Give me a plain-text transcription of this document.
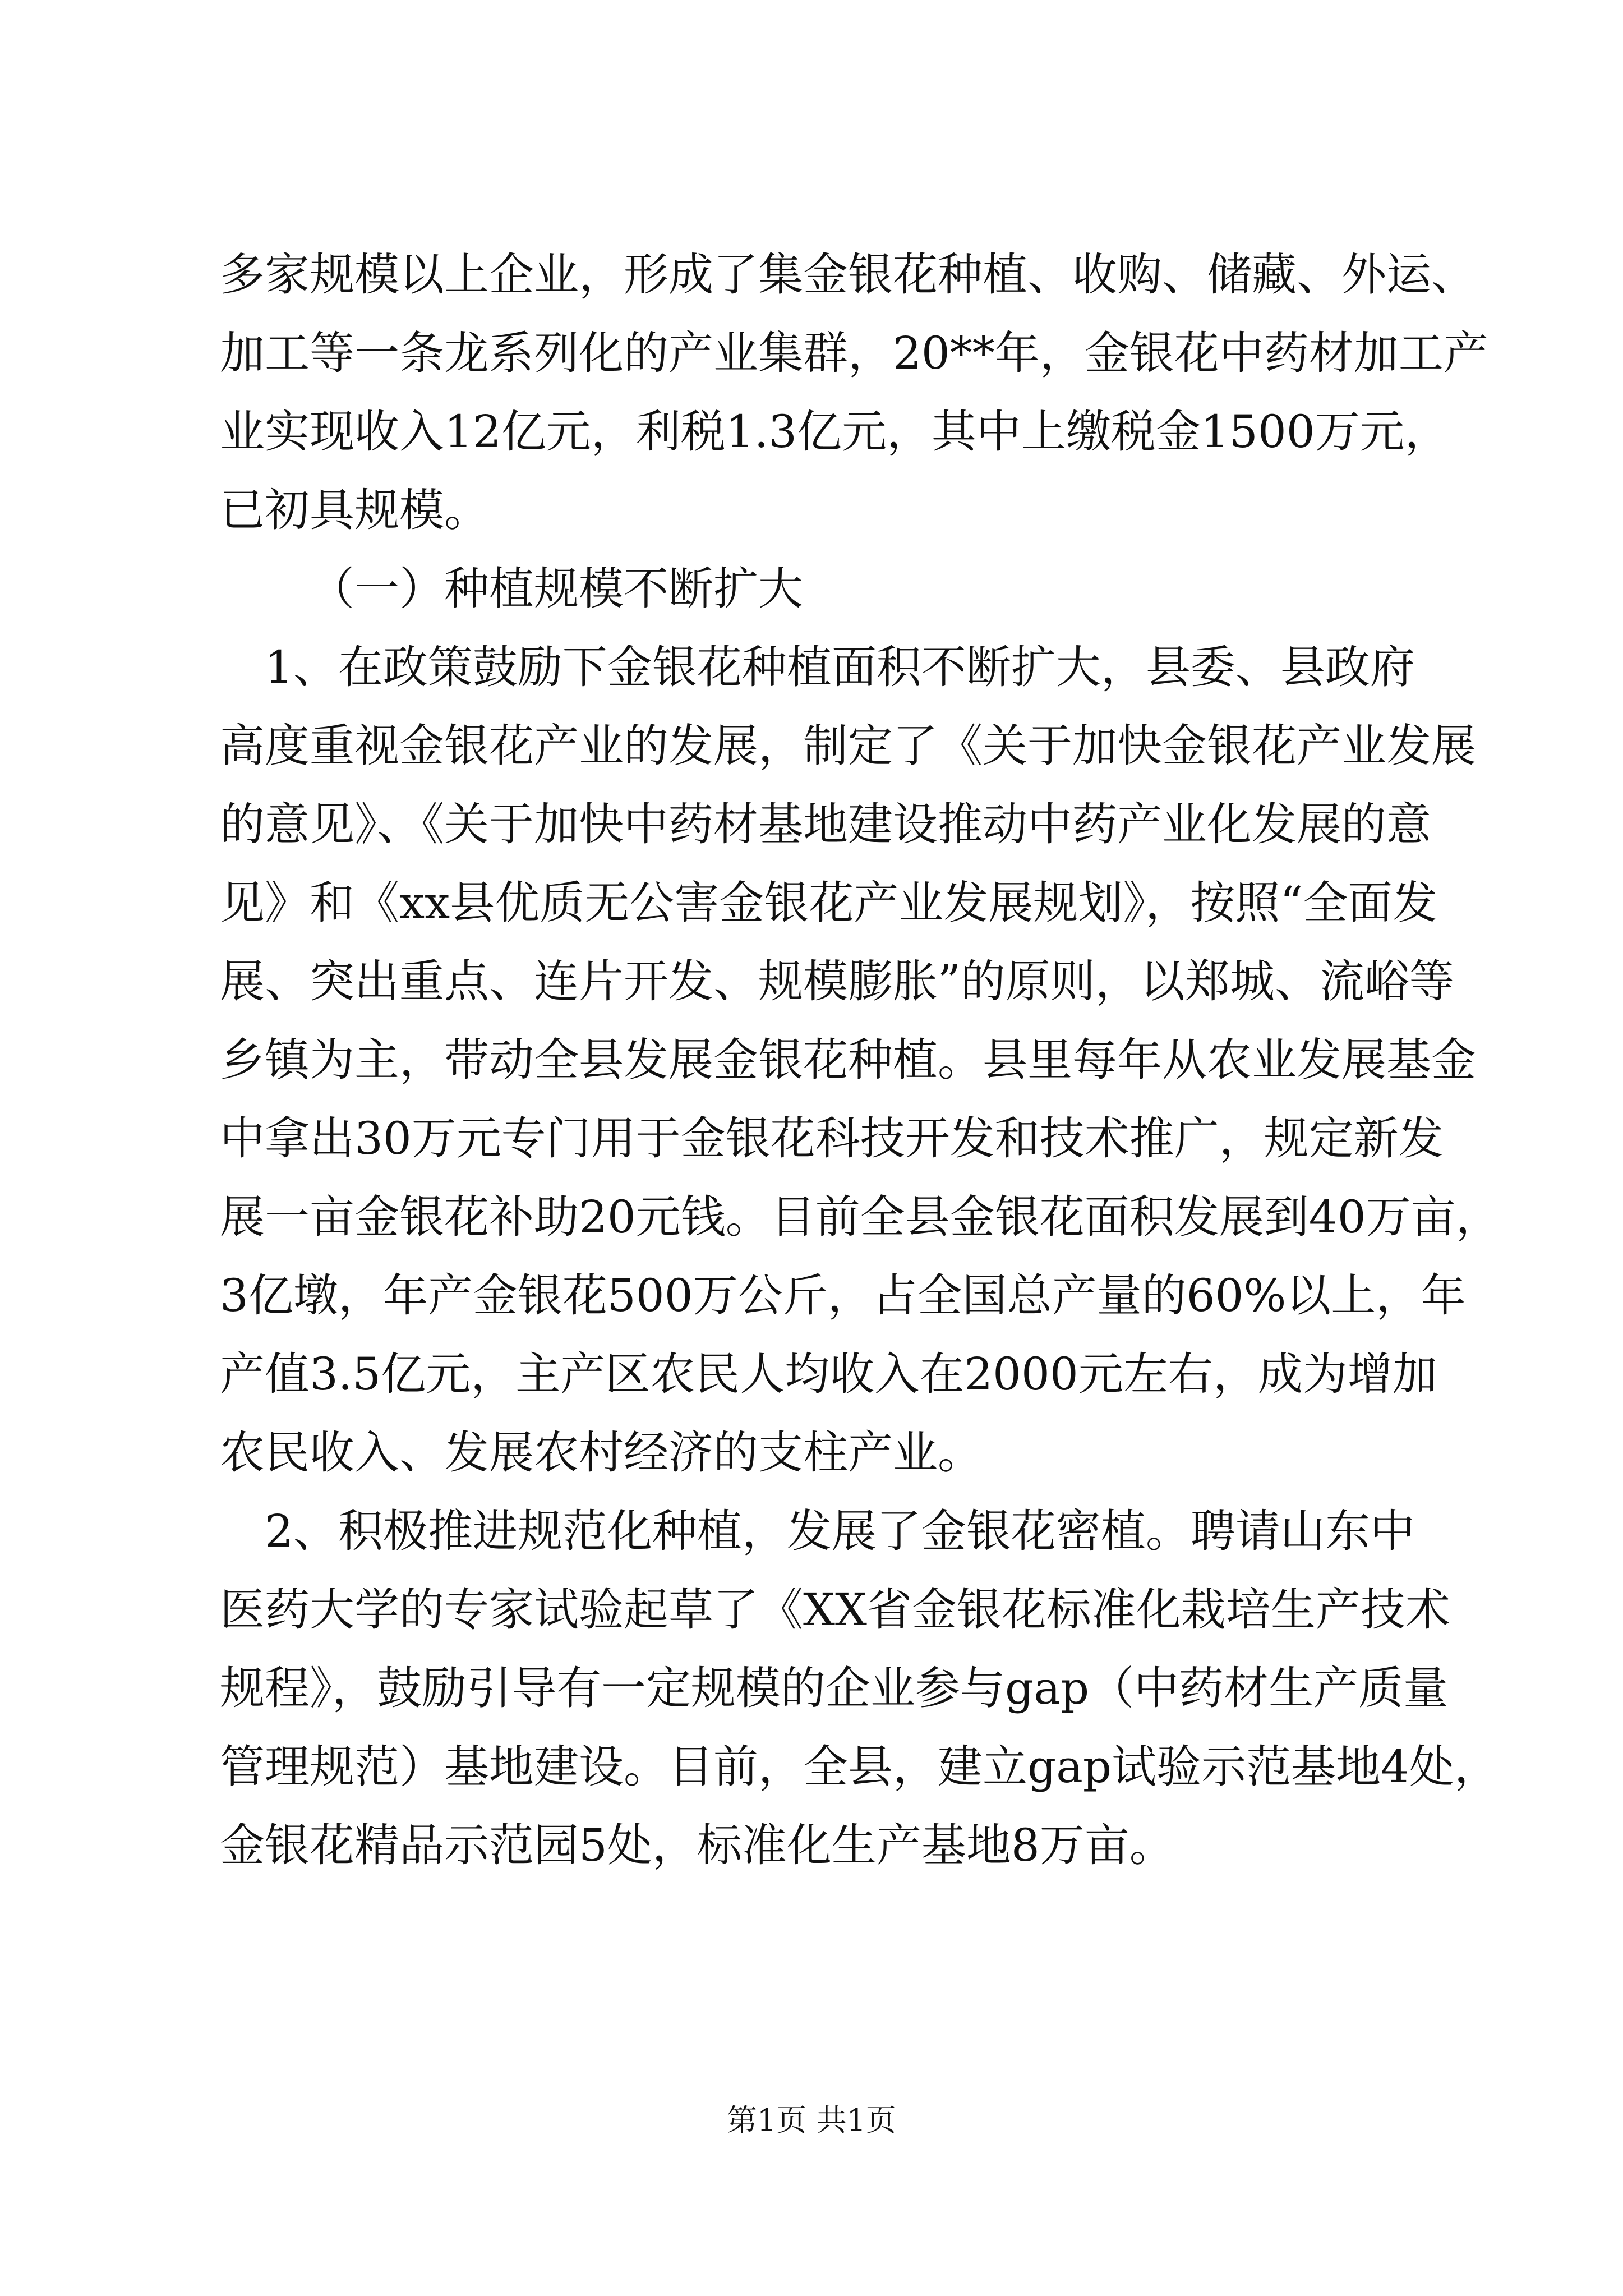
多家规模以上企业，形成了集金银花种植、收购、储藏、外运、
加工等一条龙系列化的产业集群，20**年，金银花中药材加工产
业实现收入12亿元，利税1.3亿元，其中上缴税金1500万元，
已初具规模。
（一）种植规模不断扩大
1、在政策鼓励下金银花种植面积不断扩大，县委、县政府
高度重视金银花产业的发展，制定了《关于加快金银花产业发展
的意见》、《关于加快中药材基地建设推动中药产业化发展的意
见》和《xx县优质无公害金银花产业发展规划》，按照“全面发
展、突出重点、连片开发、规模膨胀”的原则，以郑城、流峪等
乡镇为主，带动全县发展金银花种植。县里每年从农业发展基金
中拿出30万元专门用于金银花科技开发和技术推广，规定新发
展一亩金银花补助20元钱。目前全县金银花面积发展到40万亩，
3亿墩，年产金银花500万公斤，占全国总产量的60%以上，年
产值3.5亿元，主产区农民人均收入在2000元左右，成为增加
农民收入、发展农村经济的支柱产业。
2、积极推进规范化种植，发展了金银花密植。聘请山东中
医药大学的专家试验起草了《XX省金银花标准化栽培生产技术
规程》，鼓励引导有一定规模的企业参与gap（中药材生产质量
管理规范）基地建设。目前，全县，建立gap试验示范基地4处，
金银花精品示范园5处，标准化生产基地8万亩。
第1页 共1页
